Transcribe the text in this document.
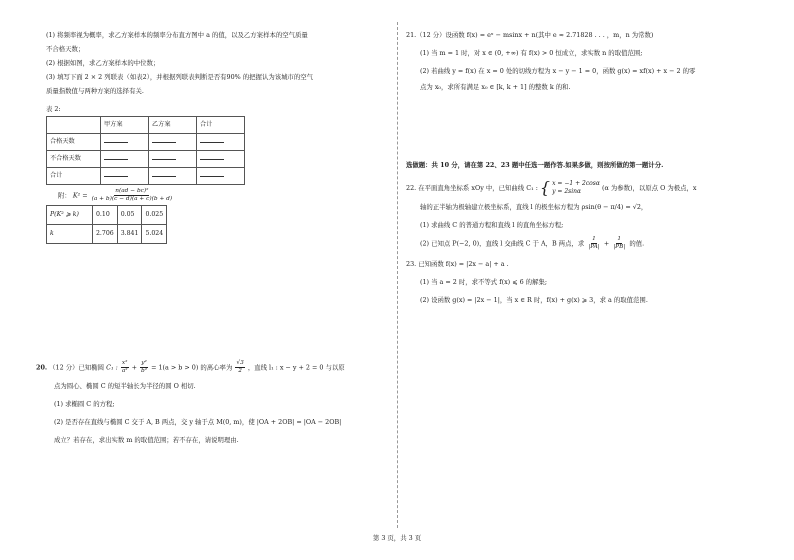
(1) 将频率视为概率，求乙方案样本的频率分布直方图中 a 的值，以及乙方案样本的空气质量

不合格天数；

(2) 根据如图，求乙方案样本的中位数；

(3) 填写下面 2 × 2 列联表（如表2），并根据列联表判断是否有90% 的把握认为该城市的空气

质量指数值与两种方案的选择有关.

表 2:

	甲方案	乙方案	合计
合格天数			
不合格天数			
合计			

附： $K^2 = \frac{\text{n(ad − bc)²}}{(a + b)(c - d)(a + c)(b + d)}$

P(K² ⩾ k)	0.10	0.05	0.025
k	2.706	3.841	5.024

20. （12 分）已知椭圆 C₁ : $\frac{\text{x²}}{\text{a²}} + \frac{\text{y²}}{\text{b²}} = 1(a > b > 0)$ 的离心率为 $\frac{√3}{2}$ ，直线 l₁ : x − y + 2 = 0 与以原

点为圆心、椭圆 C 的短半轴长为半径的圆 O 相切.

(1) 求椭圆 C 的方程;

(2) 是否存在直线与椭圆 C 交于 A, B 两点，交 y 轴于点 M(0, m)，使 |OA + 2OB| = |OA − 2OB|

成立？若存在，求出实数 m 的取值范围；若不存在，请说明理由.

21.（12 分）设函数 f(x) = eˣ − msinx + n(其中 e ≈ 2.71828 . . . ，m，n 为常数)

(1) 当 m = 1 时，对 x ∈ (0, +∞) 有 f(x) > 0 恒成立，求实数 n 的取值范围;

(2) 若曲线 y = f(x) 在 x = 0 处的切线方程为 x − y − 1 = 0，函数 g(x) = xf(x) + x − 2 的零

点为 x₀，求所有满足 x₀ ∈ [k, k + 1] 的整数 k 的和.

选做题：共 10 分，请在第 22、23 题中任选一题作答.如果多做，则按所做的第一题计分.

22. 在平面直角坐标系 xOy 中，已知曲线 C₁ : { x = −1 + 2cosα
y = 2sinα	(α 为参数)，以原点 O 为极点，x

轴的正半轴为极轴建立极坐标系，直线 l 的极坐标方程为 ρsin(θ − π/4) = √2，

(1) 求曲线 C 的普通方程和直线 l 的直角坐标方程;

(2) 已知点 P(−2, 0)，直线 l 交曲线 C 于 A，B 两点，求 $\frac{1}{|PA|} + \frac{1}{|PB|}$ 的值.

23. 已知函数 f(x) = |2x − a| + a .

(1) 当 a = 2 时，求不等式 f(x) ⩽ 6 的解集;

(2) 设函数 g(x) = |2x − 1|，当 x ∈ R 时，f(x) + g(x) ⩾ 3，求 a 的取值范围.

第 3 页，共 3 页
